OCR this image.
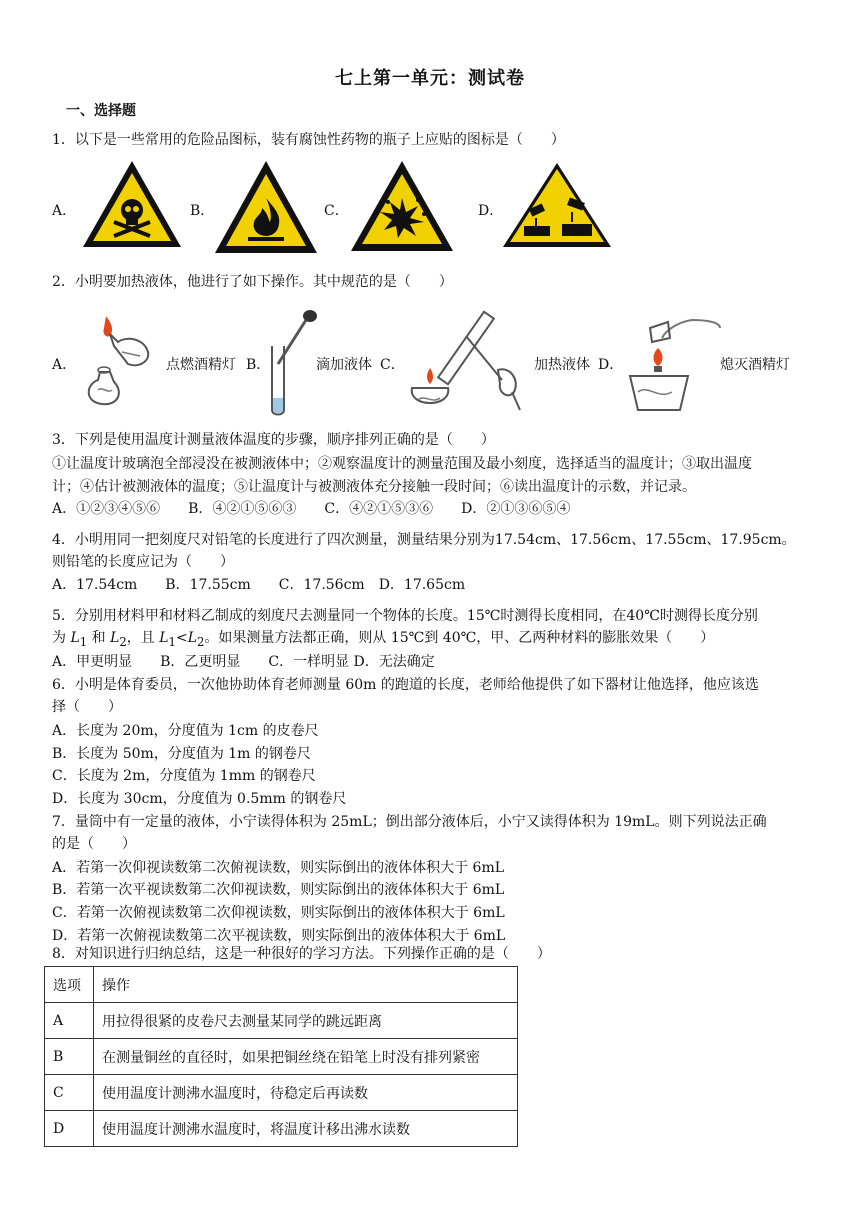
七上第一单元：测试卷
一、选择题
1．以下是一些常用的危险品图标，装有腐蚀性药物的瓶子上应贴的图标是（　　）
A．	B．	C．	D．
2．小明要加热液体，他进行了如下操作。其中规范的是（　　）
A．	点燃酒精灯 B．	滴加液体 C．	加热液体 D．	熄灭酒精灯
3．下列是使用温度计测量液体温度的步骤，顺序排列正确的是（　　）
①让温度计玻璃泡全部浸没在被测液体中；②观察温度计的测量范围及最小刻度，选择适当的温度计；③取出温度
计；④估计被测液体的温度；⑤让温度计与被测液体充分接触一段时间；⑥读出温度计的示数，并记录。
A．①②③④⑤⑥　　B．④②①⑤⑥③　　C．④②①⑤③⑥　　D．②①③⑥⑤④
4．小明用同一把刻度尺对铅笔的长度进行了四次测量，测量结果分别为17.54cm、17.56cm、17.55cm、17.95cm。
则铅笔的长度应记为（　　）
A．17.54cm　　B．17.55cm　　C．17.56cm　D．17.65cm
5．分别用材料甲和材料乙制成的刻度尺去测量同一个物体的长度。15℃时测得长度相同，在40℃时测得长度分别
为 $L_1$ 和 $L_2$，且 $L_1<L_2$。如果测量方法都正确，则从 15℃到 40℃，甲、乙两种材料的膨胀效果（　　）
A．甲更明显　　B．乙更明显　　C．一样明显 D．无法确定
6．小明是体育委员，一次他协助体育老师测量 60m 的跑道的长度，老师给他提供了如下器材让他选择，他应该选
择（　　）
A．长度为 20m，分度值为 1cm 的皮卷尺
B．长度为 50m，分度值为 1m 的钢卷尺
C．长度为 2m，分度值为 1mm 的钢卷尺
D．长度为 30cm，分度值为 0.5mm 的钢卷尺
7．量筒中有一定量的液体，小宁读得体积为 25mL；倒出部分液体后，小宁又读得体积为 19mL。则下列说法正确
的是（　　）
A．若第一次仰视读数第二次俯视读数，则实际倒出的液体体积大于 6mL
B．若第一次平视读数第二次仰视读数，则实际倒出的液体体积大于 6mL
C．若第一次俯视读数第二次仰视读数，则实际倒出的液体体积大于 6mL
D．若第一次俯视读数第二次平视读数，则实际倒出的液体体积大于 6mL
8．对知识进行归纳总结，这是一种很好的学习方法。下列操作正确的是（　　）
选项	操作
A	用拉得很紧的皮卷尺去测量某同学的跳远距离
B	在测量铜丝的直径时，如果把铜丝绕在铅笔上时没有排列紧密
C	使用温度计测沸水温度时，待稳定后再读数
D	使用温度计测沸水温度时，将温度计移出沸水读数
